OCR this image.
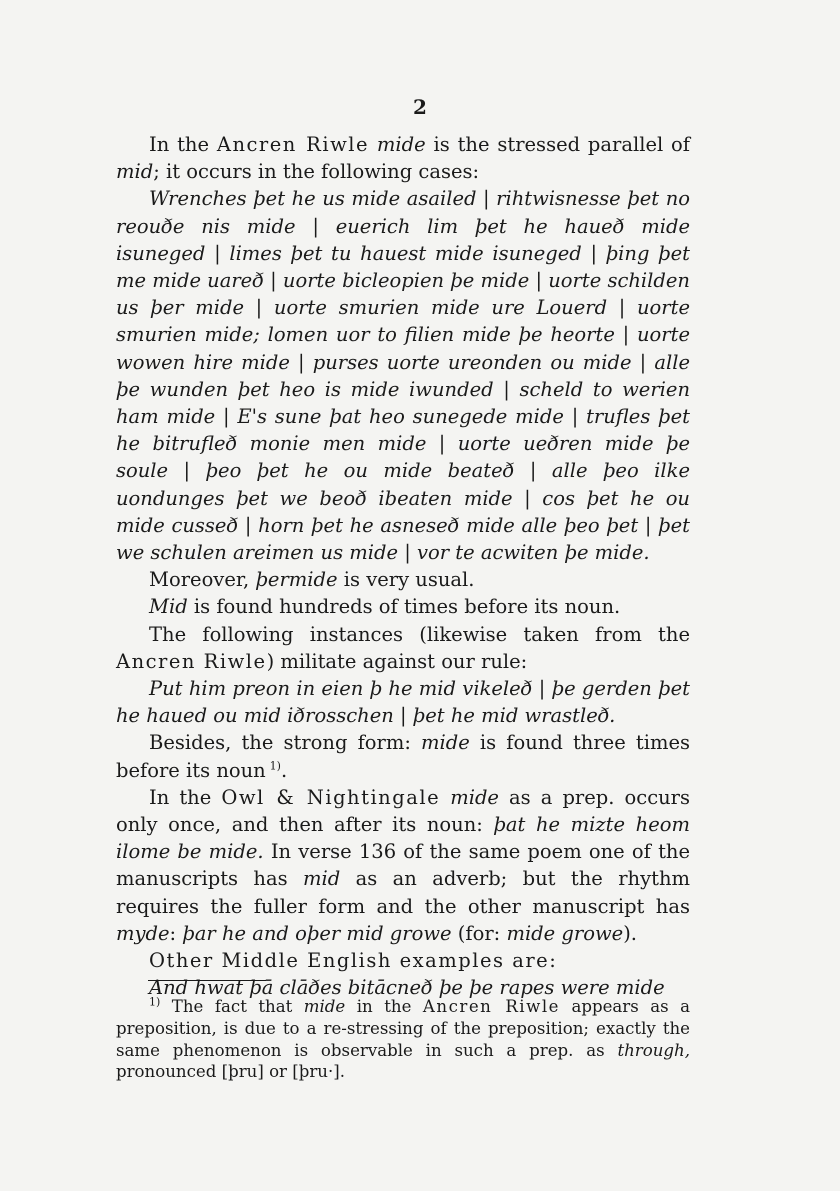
2

In the Ancren Riwle mide is the stressed parallel of mid; it occurs in the following cases:

Wrenches þet he us mide asailed | rihtwisnesse þet no reouðe nis mide | euerich lim þet he haueð mide isuneged | limes þet tu hauest mide isuneged | þing þet me mide uareð | uorte bicleopien þe mide | uorte schilden us þer mide | uorte smurien mide ure Louerd | uorte smurien mide; lomen uor to filien mide þe heorte | uorte wowen hire mide | purses uorte ureonden ou mide | alle þe wunden þet heo is mide iwunded | scheld to werien ham mide | E's sune þat heo sunegede mide | trufles þet he bitrufleð monie men mide | uorte ueðren mide þe soule | þeo þet he ou mide beateð | alle þeo ilke uondunges þet we beoð ibeaten mide | cos þet he ou mide cusseð | horn þet he asneseð mide alle þeo þet | þet we schulen areimen us mide | vor te acwiten þe mide.

Moreover, þermide is very usual.

Mid is found hundreds of times before its noun.

The following instances (likewise taken from the Ancren Riwle) militate against our rule:

Put him preon in eien þ he mid vikeleð | þe gerden þet he haued ou mid iðrosschen | þet he mid wrastleð.

Besides, the strong form: mide is found three times before its noun  $^{1)}$.

In the Owl & Nightingale mide as a prep. occurs only once, and then after its noun: þat he mizte heom ilome be mide. In verse 136 of the same poem one of the manuscripts has mid as an adverb; but the rhythm requires the fuller form and the other manuscript has myde: þar he and oþer mid growe (for: mide growe).

Other Middle English examples are:

And hwat þā clāðes bitācneð þe þe rapes were mide

$^{1)}$ The fact that mide in the Ancren Riwle appears as a preposition, is due to a re-stressing of the preposition; exactly the same phenomenon is observable in such a prep. as through, pronounced [þru] or [þru·].
